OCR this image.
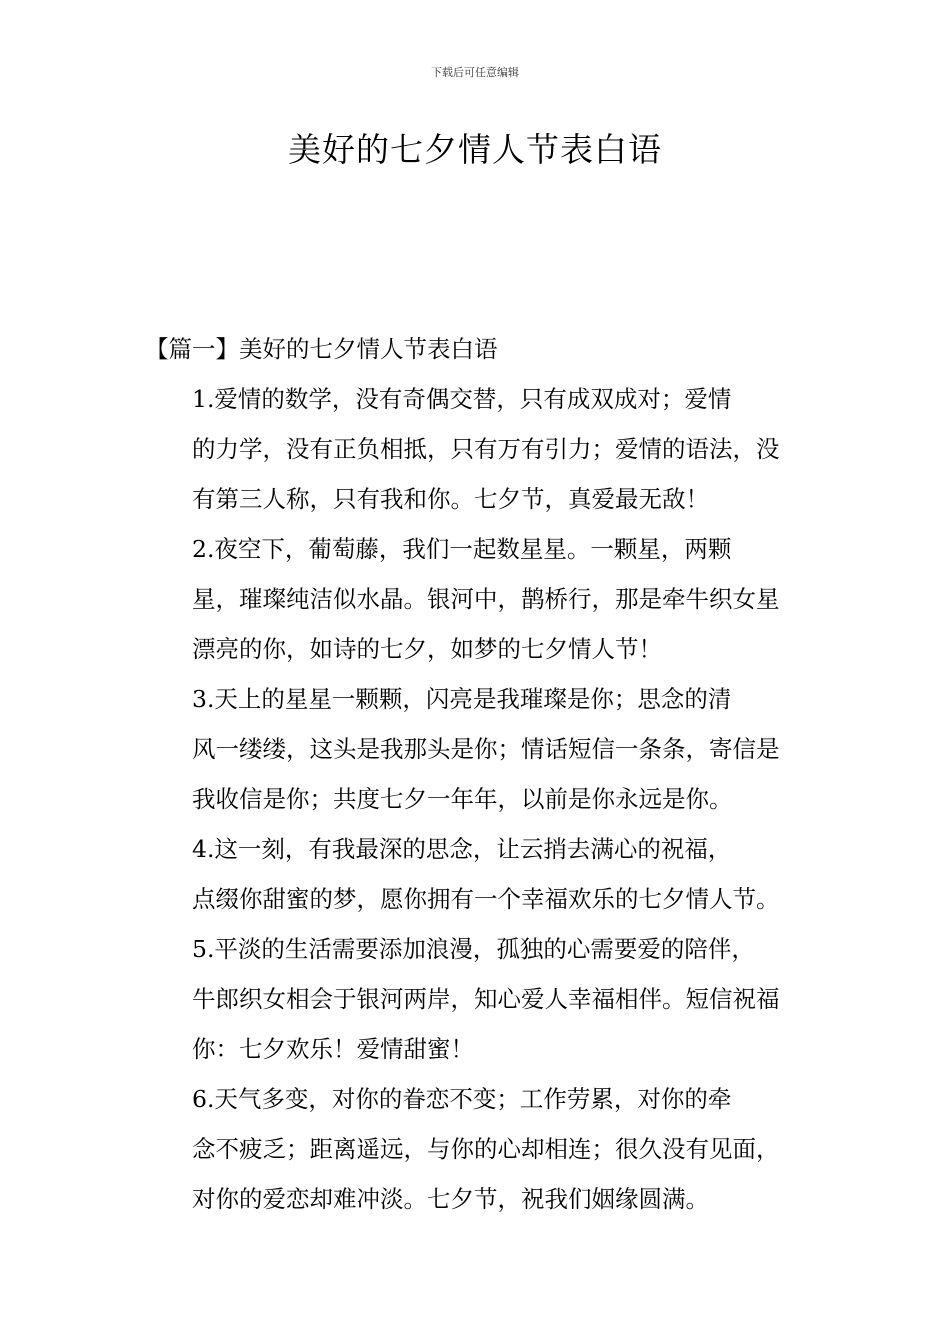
下载后可任意编辑
美好的七夕情人节表白语

【篇一】美好的七夕情人节表白语

1.爱情的数学，没有奇偶交替，只有成双成对；爱情
的力学，没有正负相抵，只有万有引力；爱情的语法，没
有第三人称，只有我和你。七夕节，真爱最无敌！

2.夜空下，葡萄藤，我们一起数星星。一颗星，两颗
星，璀璨纯洁似水晶。银河中，鹊桥行，那是牵牛织女星
漂亮的你，如诗的七夕，如梦的七夕情人节！

3.天上的星星一颗颗，闪亮是我璀璨是你；思念的清
风一缕缕，这头是我那头是你；情话短信一条条，寄信是
我收信是你；共度七夕一年年，以前是你永远是你。

4.这一刻，有我最深的思念，让云捎去满心的祝福，
点缀你甜蜜的梦，愿你拥有一个幸福欢乐的七夕情人节。

5.平淡的生活需要添加浪漫，孤独的心需要爱的陪伴，
牛郎织女相会于银河两岸，知心爱人幸福相伴。短信祝福
你：七夕欢乐！爱情甜蜜！

6.天气多变，对你的眷恋不变；工作劳累，对你的牵
念不疲乏；距离遥远，与你的心却相连；很久没有见面，
对你的爱恋却难冲淡。七夕节，祝我们姻缘圆满。
